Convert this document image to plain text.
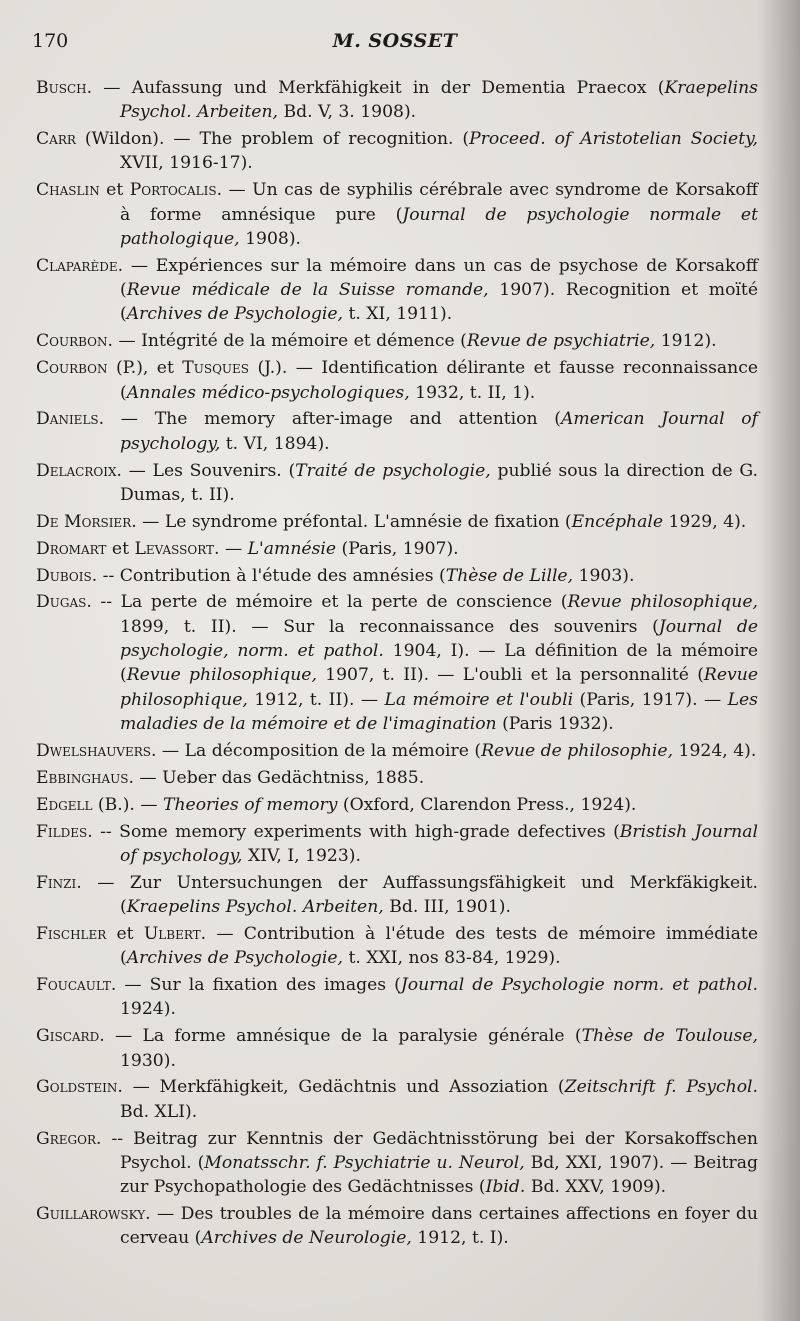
170	M. SOSSET

Busch. — Aufassung und Merkfähigkeit in der Dementia Praecox (Kraepelins Psychol. Arbeiten, Bd. V, 3. 1908).

Carr (Wildon). — The problem of recognition. (Proceed. of Aristotelian Society, XVII, 1916-17).

Chaslin et Portocalis. — Un cas de syphilis cérébrale avec syndrome de Korsakoff à forme amnésique pure (Journal de psychologie normale et pathologique, 1908).

Claparède. — Expériences sur la mémoire dans un cas de psychose de Korsakoff (Revue médicale de la Suisse romande, 1907). Recognition et moïté (Archives de Psychologie, t. XI, 1911).

Courbon. — Intégrité de la mémoire et démence (Revue de psychiatrie, 1912).

Courbon (P.), et Tusques (J.). — Identification délirante et fausse reconnaissance (Annales médico-psychologiques, 1932, t. II, 1).

Daniels. — The memory after-image and attention (American Journal of psychology, t. VI, 1894).

Delacroix. — Les Souvenirs. (Traité de psychologie, publié sous la direction de G. Dumas, t. II).

De Morsier. — Le syndrome préfontal. L'amnésie de fixation (Encéphale 1929, 4).

Dromart et Levassort. — L'amnésie (Paris, 1907).

Dubois. -- Contribution à l'étude des amnésies (Thèse de Lille, 1903).

Dugas. -- La perte de mémoire et la perte de conscience (Revue philosophique, 1899, t. II). — Sur la reconnaissance des souvenirs (Journal de psychologie, norm. et pathol. 1904, I). — La définition de la mémoire (Revue philosophique, 1907, t. II). — L'oubli et la personnalité (Revue philosophique, 1912, t. II). — La mémoire et l'oubli (Paris, 1917). — Les maladies de la mémoire et de l'imagination (Paris 1932).

Dwelshauvers. — La décomposition de la mémoire (Revue de philosophie, 1924, 4).

Ebbinghaus. — Ueber das Gedächtniss, 1885.

Edgell (B.). — Theories of memory (Oxford, Clarendon Press., 1924).

Fildes. -- Some memory experiments with high-grade defectives (Bristish Journal of psychology, XIV, I, 1923).

Finzi. — Zur Untersuchungen der Auffassungsfähigkeit und Merkfäkigkeit. (Kraepelins Psychol. Arbeiten, Bd. III, 1901).

Fischler et Ulbert. — Contribution à l'étude des tests de mémoire immédiate (Archives de Psychologie, t. XXI, nos 83-84, 1929).

Foucault. — Sur la fixation des images (Journal de Psychologie norm. et pathol. 1924).

Giscard. — La forme amnésique de la paralysie générale (Thèse de Toulouse, 1930).

Goldstein. — Merkfähigkeit, Gedächtnis und Assoziation (Zeitschrift f. Psychol. Bd. XLI).

Gregor. -- Beitrag zur Kenntnis der Gedächtnisstörung bei der Korsakoffschen Psychol. (Monatsschr. f. Psychiatrie u. Neurol, Bd, XXI, 1907). — Beitrag zur Psychopathologie des Gedächtnisses (Ibid. Bd. XXV, 1909).

Guillarowsky. — Des troubles de la mémoire dans certaines affections en foyer du cerveau (Archives de Neurologie, 1912, t. I).
